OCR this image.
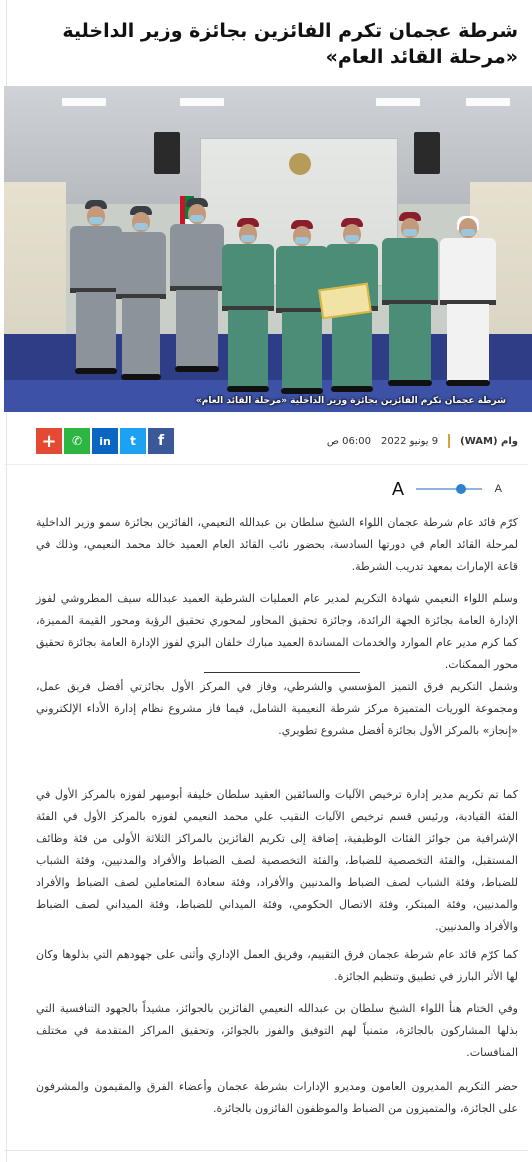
شرطة عجمان تكرم الفائزين بجائزة وزير الداخلية «مرحلة القائد العام»
شرطة عجمان تكرم الفائزين بجائزة وزير الداخلية «مرحلة القائد العام»
وام (WAM)
9 يونيو 2022
06:00 ص
+ ✆ in t f
A	A

كرّم قائد عام شرطة عجمان اللواء الشيخ سلطان بن عبدالله النعيمي، الفائزين بجائزة سمو وزير الداخلية لمرحلة القائد العام في دورتها السادسة، بحضور نائب القائد العام العميد خالد محمد النعيمي، وذلك في قاعة الإمارات بمعهد تدريب الشرطة.

وسلم اللواء النعيمي شهادة التكريم لمدير عام العمليات الشرطية العميد عبدالله سيف المطروشي لفوز الإدارة العامة بجائزة الجهة الرائدة، وجائزة تحقيق المحاور لمحوري تحقيق الرؤية ومحور القيمة المميزة، كما كرم مدير عام الموارد والخدمات المساندة العميد مبارك خلفان البزي لفوز الإدارة العامة بجائزة تحقيق محور الممكنات.

وشمل التكريم فرق التميز المؤسسي والشرطي، وفاز في المركز الأول بجائزتي أفضل فريق عمل، ومجموعة الوريات المتميزة مركز شرطة النعيمية الشامل، فيما فاز مشروع نظام إدارة الأداء الإلكتروني «إنجاز» بالمركز الأول بجائزة أفضل مشروع تطويري.

كما تم تكريم مدير إدارة ترخيص الآليات والسائقين العقيد سلطان خليفة أبوميهر لفوزه بالمركز الأول في الفئة القيادية، ورئيس قسم ترخيص الآليات النقيب علي محمد النعيمي لفوزه بالمركز الأول في الفئة الإشرافية من جوائز الفئات الوظيفية، إضافة إلى تكريم الفائزين بالمراكز الثلاثة الأولى من فئة وظائف المستقبل، والفئة التخصصية للضباط، والفئة التخصصية لصف الضباط والأفراد والمدنيين، وفئة الشباب للضباط، وفئة الشباب لصف الضباط والمدنيين والأفراد، وفئة سعادة المتعاملين لصف الضباط والأفراد والمدنيين، وفئة المبتكر، وفئة الاتصال الحكومي، وفئة الميداني للضباط، وفئة الميداني لصف الضباط والأفراد والمدنيين.

كما كرّم قائد عام شرطة عجمان فرق التقييم، وفريق العمل الإداري وأثنى على جهودهم التي بذلوها وكان لها الأثر البارز في تطبيق وتنظيم الجائزة.

وفي الختام هنأ اللواء الشيخ سلطان بن عبدالله النعيمي الفائزين بالجوائز، مشيداً بالجهود التنافسية التي بذلها المشاركون بالجائزة، متمنياً لهم التوفيق والفوز بالجوائز، وتحقيق المراكز المتقدمة في مختلف المنافسات.

حضر التكريم المديرون العامون ومديرو الإدارات بشرطة عجمان وأعضاء الفرق والمقيمون والمشرفون على الجائزة، والمتميزون من الضباط والموظفون الفائزون بالجائزة.
